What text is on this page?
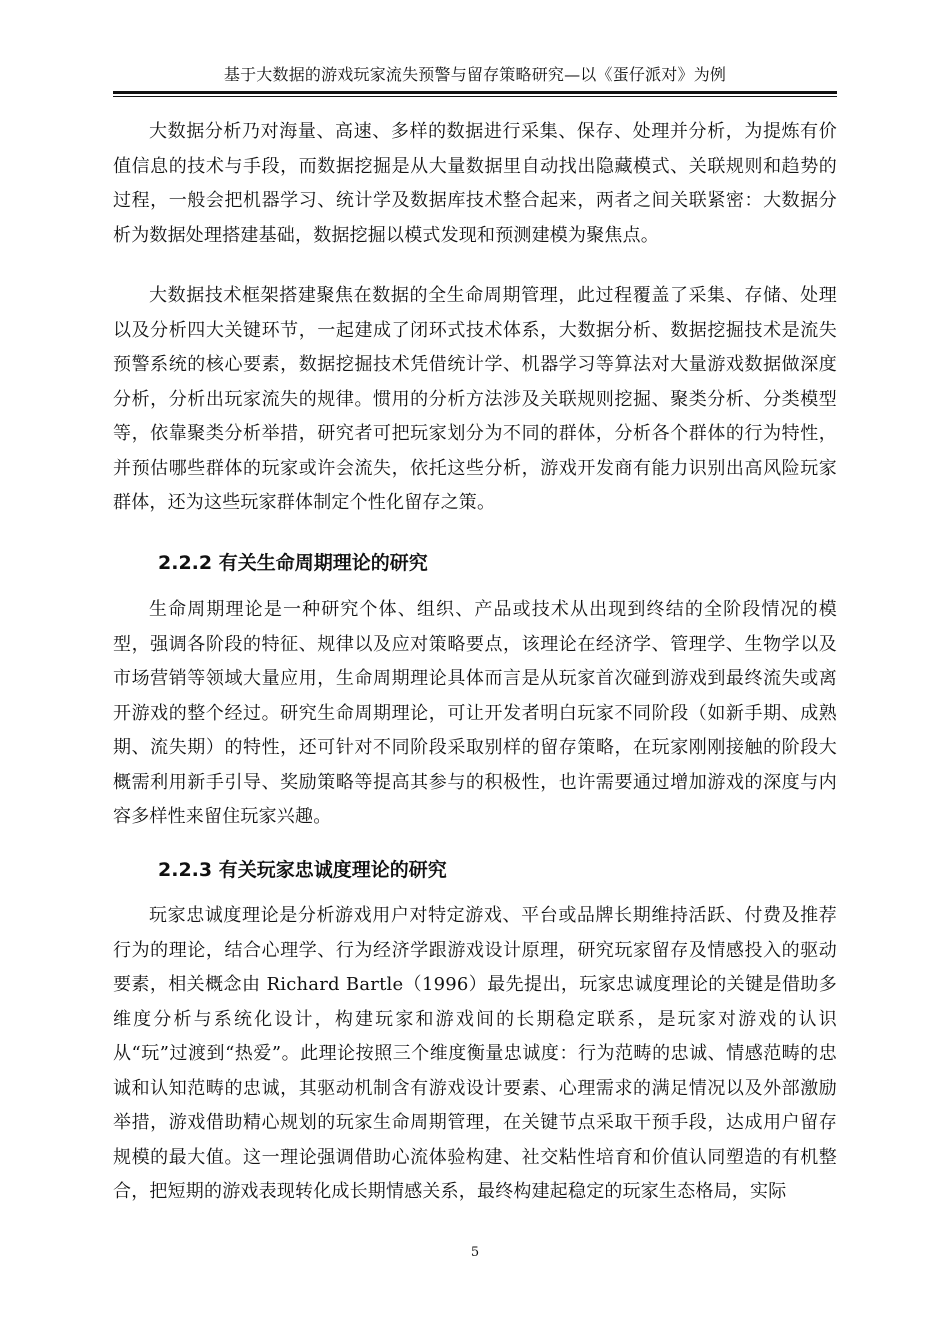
基于大数据的游戏玩家流失预警与留存策略研究—以《蛋仔派对》为例

大数据分析乃对海量、高速、多样的数据进行采集、保存、处理并分析，为提炼有价值信息的技术与手段，而数据挖掘是从大量数据里自动找出隐藏模式、关联规则和趋势的过程，一般会把机器学习、统计学及数据库技术整合起来，两者之间关联紧密：大数据分析为数据处理搭建基础，数据挖掘以模式发现和预测建模为聚焦点。

大数据技术框架搭建聚焦在数据的全生命周期管理，此过程覆盖了采集、存储、处理以及分析四大关键环节，一起建成了闭环式技术体系，大数据分析、数据挖掘技术是流失预警系统的核心要素，数据挖掘技术凭借统计学、机器学习等算法对大量游戏数据做深度分析，分析出玩家流失的规律。惯用的分析方法涉及关联规则挖掘、聚类分析、分类模型等，依靠聚类分析举措，研究者可把玩家划分为不同的群体，分析各个群体的行为特性，并预估哪些群体的玩家或许会流失，依托这些分析，游戏开发商有能力识别出高风险玩家群体，还为这些玩家群体制定个性化留存之策。

2.2.2 有关生命周期理论的研究

生命周期理论是一种研究个体、组织、产品或技术从出现到终结的全阶段情况的模型，强调各阶段的特征、规律以及应对策略要点，该理论在经济学、管理学、生物学以及市场营销等领域大量应用，生命周期理论具体而言是从玩家首次碰到游戏到最终流失或离开游戏的整个经过。研究生命周期理论，可让开发者明白玩家不同阶段（如新手期、成熟期、流失期）的特性，还可针对不同阶段采取别样的留存策略，在玩家刚刚接触的阶段大概需利用新手引导、奖励策略等提高其参与的积极性，也许需要通过增加游戏的深度与内容多样性来留住玩家兴趣。

2.2.3 有关玩家忠诚度理论的研究

玩家忠诚度理论是分析游戏用户对特定游戏、平台或品牌长期维持活跃、付费及推荐行为的理论，结合心理学、行为经济学跟游戏设计原理，研究玩家留存及情感投入的驱动要素，相关概念由 Richard Bartle（1996）最先提出，玩家忠诚度理论的关键是借助多维度分析与系统化设计，构建玩家和游戏间的长期稳定联系，是玩家对游戏的认识从“玩”过渡到“热爱”。此理论按照三个维度衡量忠诚度：行为范畴的忠诚、情感范畴的忠诚和认知范畴的忠诚，其驱动机制含有游戏设计要素、心理需求的满足情况以及外部激励举措，游戏借助精心规划的玩家生命周期管理，在关键节点采取干预手段，达成用户留存规模的最大值。这一理论强调借助心流体验构建、社交粘性培育和价值认同塑造的有机整合，把短期的游戏表现转化成长期情感关系，最终构建起稳定的玩家生态格局，实际

5
